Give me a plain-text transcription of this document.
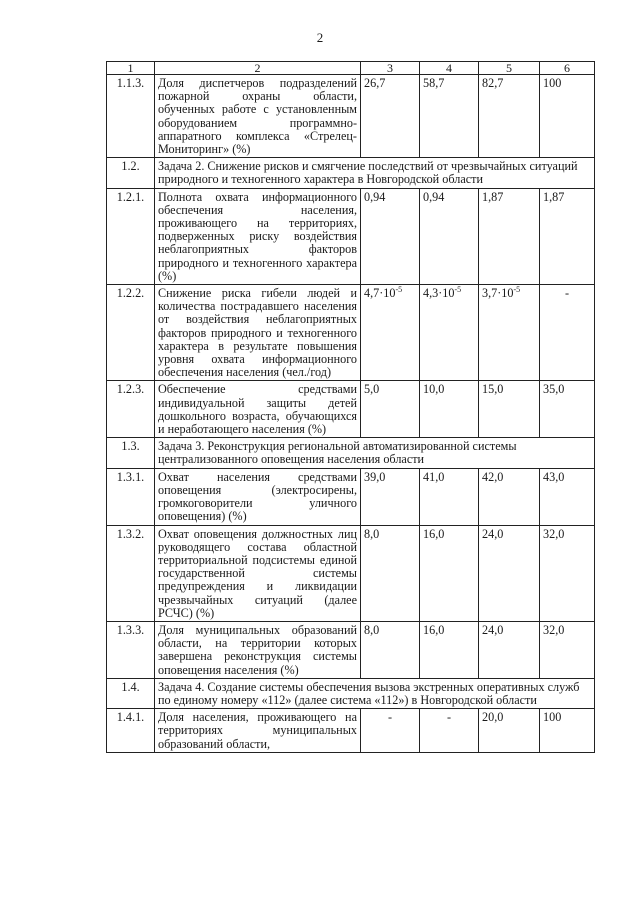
2
1	2	3	4	5	6
1.1.3.	Доля диспетчеров подразделений пожарной охраны области, обученных работе с установленным оборудованием программно-аппаратного комплекса «Стрелец-Мониторинг» (%)	26,7	58,7	82,7	100
1.2.	Задача 2. Снижение рисков и смягчение последствий от чрезвычайных ситуаций природного и техногенного характера в Новгородской области				
1.2.1.	Полнота охвата информационного обеспечения населения, проживающего на территориях, подверженных риску воздействия неблагоприятных факторов природного и техногенного характера (%)	0,94	0,94	1,87	1,87
1.2.2.	Снижение риска гибели людей и количества пострадавшего населения от воздействия неблагоприятных факторов природного и техногенного характера в результате повышения уровня охвата информационного обеспечения населения (чел./год)	$4,7\cdot 10^{-5}$	$4,3\cdot 10^{-5}$	$3,7\cdot 10^{-5}$	-
1.2.3.	Обеспечение средствами индивидуальной защиты детей дошкольного возраста, обучающихся и неработающего населения (%)	5,0	10,0	15,0	35,0
1.3.	Задача 3. Реконструкция региональной автоматизированной системы централизованного оповещения населения области				
1.3.1.	Охват населения средствами оповещения (электросирены, громкоговорители уличного оповещения) (%)	39,0	41,0	42,0	43,0
1.3.2.	Охват оповещения должностных лиц руководящего состава областной территориальной подсистемы единой государственной системы предупреждения и ликвидации чрезвычайных ситуаций (далее РСЧС) (%)	8,0	16,0	24,0	32,0
1.3.3.	Доля муниципальных образований области, на территории которых завершена реконструкция системы оповещения населения (%)	8,0	16,0	24,0	32,0
1.4.	Задача 4. Создание системы обеспечения вызова экстренных оперативных служб по единому номеру «112» (далее система «112») в Новгородской области				
1.4.1.	Доля населения, проживающего на территориях муниципальных образований области,	-	-	20,0	100
